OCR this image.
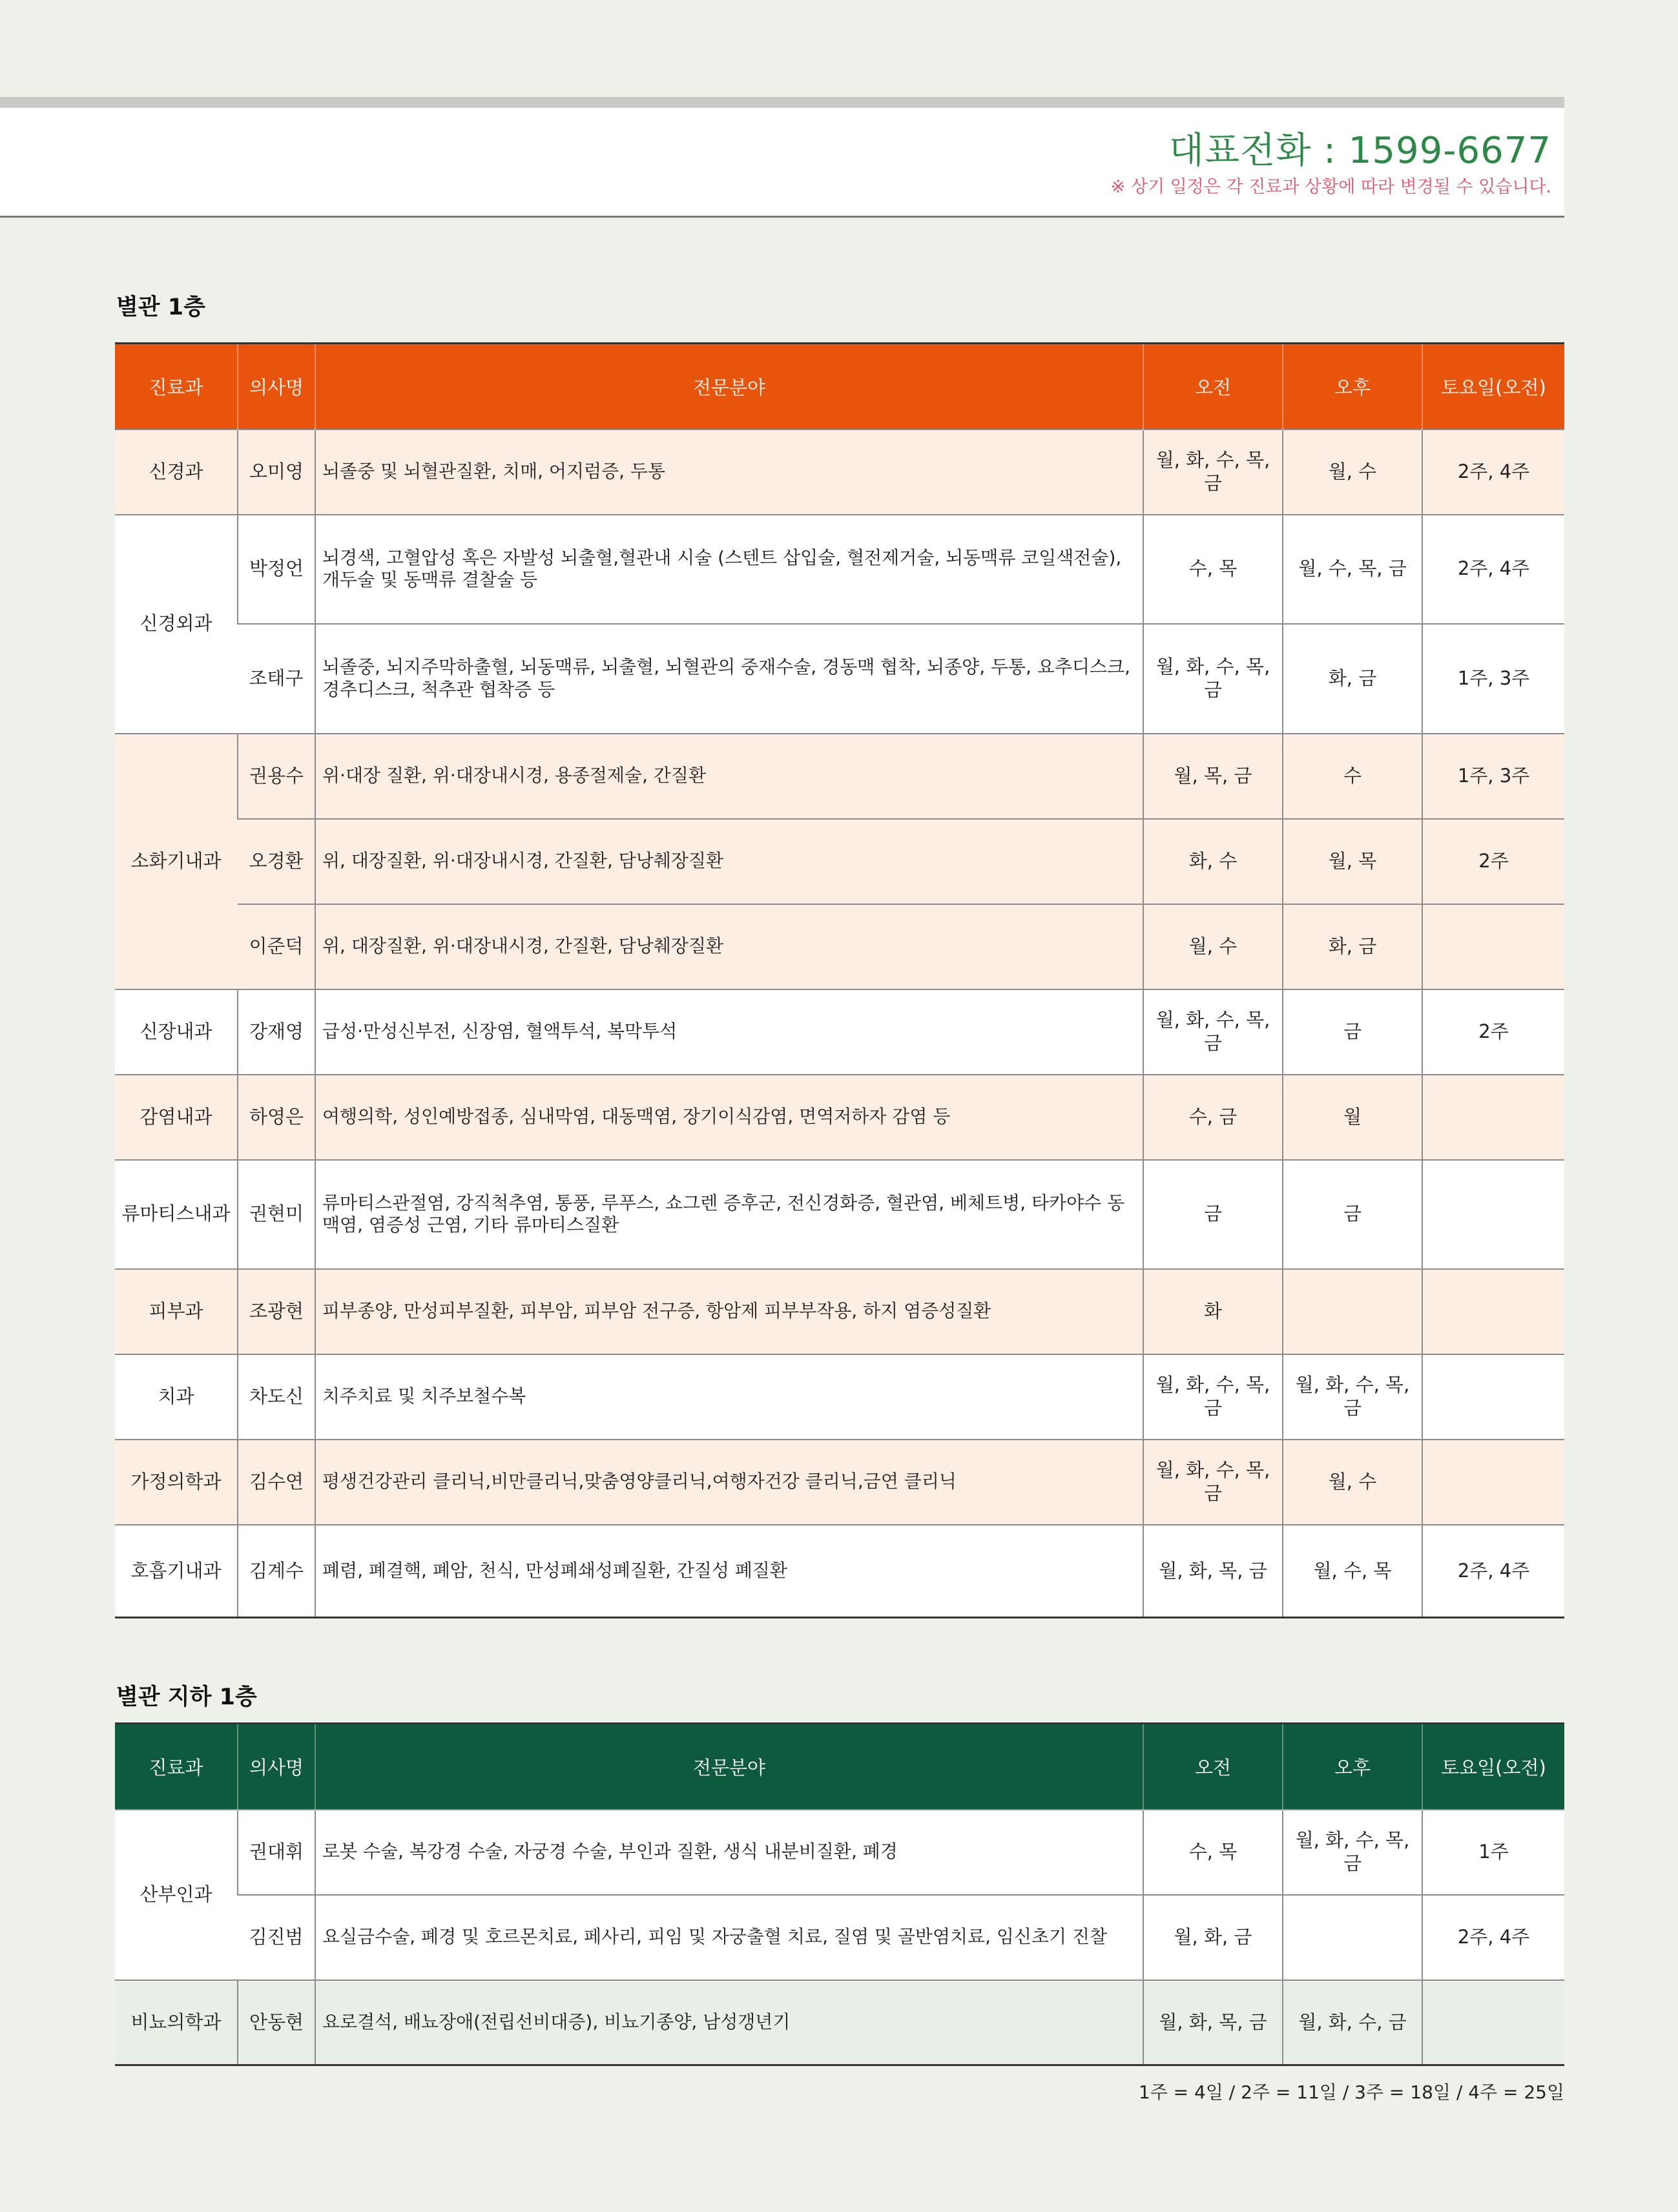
대표전화 : 1599-6677
※ 상기 일정은 각 진료과 상황에 따라 변경될 수 있습니다.
별관 1층
진료과	의사명	전문분야	오전	오후	토요일(오전)
신경과	오미영	뇌졸중 및 뇌혈관질환, 치매, 어지럼증, 두통	월, 화, 수, 목, 금	월, 수	2주, 4주
신경외과	박정언	뇌경색, 고혈압성 혹은 자발성 뇌출혈,혈관내 시술 (스텐트 삽입술, 혈전제거술, 뇌동맥류 코일색전술), 개두술 및 동맥류 결찰술 등	수, 목	월, 수, 목, 금	2주, 4주
	조태구	뇌졸중, 뇌지주막하출혈, 뇌동맥류, 뇌출혈, 뇌혈관의 중재수술, 경동맥 협착, 뇌종양, 두통, 요추디스크, 경추디스크, 척추관 협착증 등	월, 화, 수, 목, 금	화, 금	1주, 3주
소화기내과	권용수	위·대장 질환, 위·대장내시경, 용종절제술, 간질환	월, 목, 금	수	1주, 3주
	오경환	위, 대장질환, 위·대장내시경, 간질환, 담낭췌장질환	화, 수	월, 목	2주
	이준덕	위, 대장질환, 위·대장내시경, 간질환, 담낭췌장질환	월, 수	화, 금	
신장내과	강재영	급성·만성신부전, 신장염, 혈액투석, 복막투석	월, 화, 수, 목, 금	금	2주
감염내과	하영은	여행의학, 성인예방접종, 심내막염, 대동맥염, 장기이식감염, 면역저하자 감염 등	수, 금	월	
류마티스내과	권현미	류마티스관절염, 강직척추염, 통풍, 루푸스, 쇼그렌 증후군, 전신경화증, 혈관염, 베체트병, 타카야수 동맥염, 염증성 근염, 기타 류마티스질환	금	금	
피부과	조광현	피부종양, 만성피부질환, 피부암, 피부암 전구증, 항암제 피부부작용, 하지 염증성질환	화		
치과	차도신	치주치료 및 치주보철수복	월, 화, 수, 목, 금	월, 화, 수, 목, 금	
가정의학과	김수연	평생건강관리 클리닉,비만클리닉,맞춤영양클리닉,여행자건강 클리닉,금연 클리닉	월, 화, 수, 목, 금	월, 수	
호흡기내과	김계수	폐렴, 폐결핵, 폐암, 천식, 만성폐쇄성폐질환, 간질성 폐질환	월, 화, 목, 금	월, 수, 목	2주, 4주
별관 지하 1층
진료과	의사명	전문분야	오전	오후	토요일(오전)
산부인과	권대휘	로봇 수술, 복강경 수술, 자궁경 수술, 부인과 질환, 생식 내분비질환, 폐경	수, 목	월, 화, 수, 목, 금	1주
	김진범	요실금수술, 폐경 및 호르몬치료, 페사리, 피임 및 자궁출혈 치료, 질염 및 골반염치료, 임신초기 진찰	월, 화, 금		2주, 4주
비뇨의학과	안동현	요로결석, 배뇨장애(전립선비대증), 비뇨기종양, 남성갱년기	월, 화, 목, 금	월, 화, 수, 금	
1주 = 4일 / 2주 = 11일 / 3주 = 18일 / 4주 = 25일
